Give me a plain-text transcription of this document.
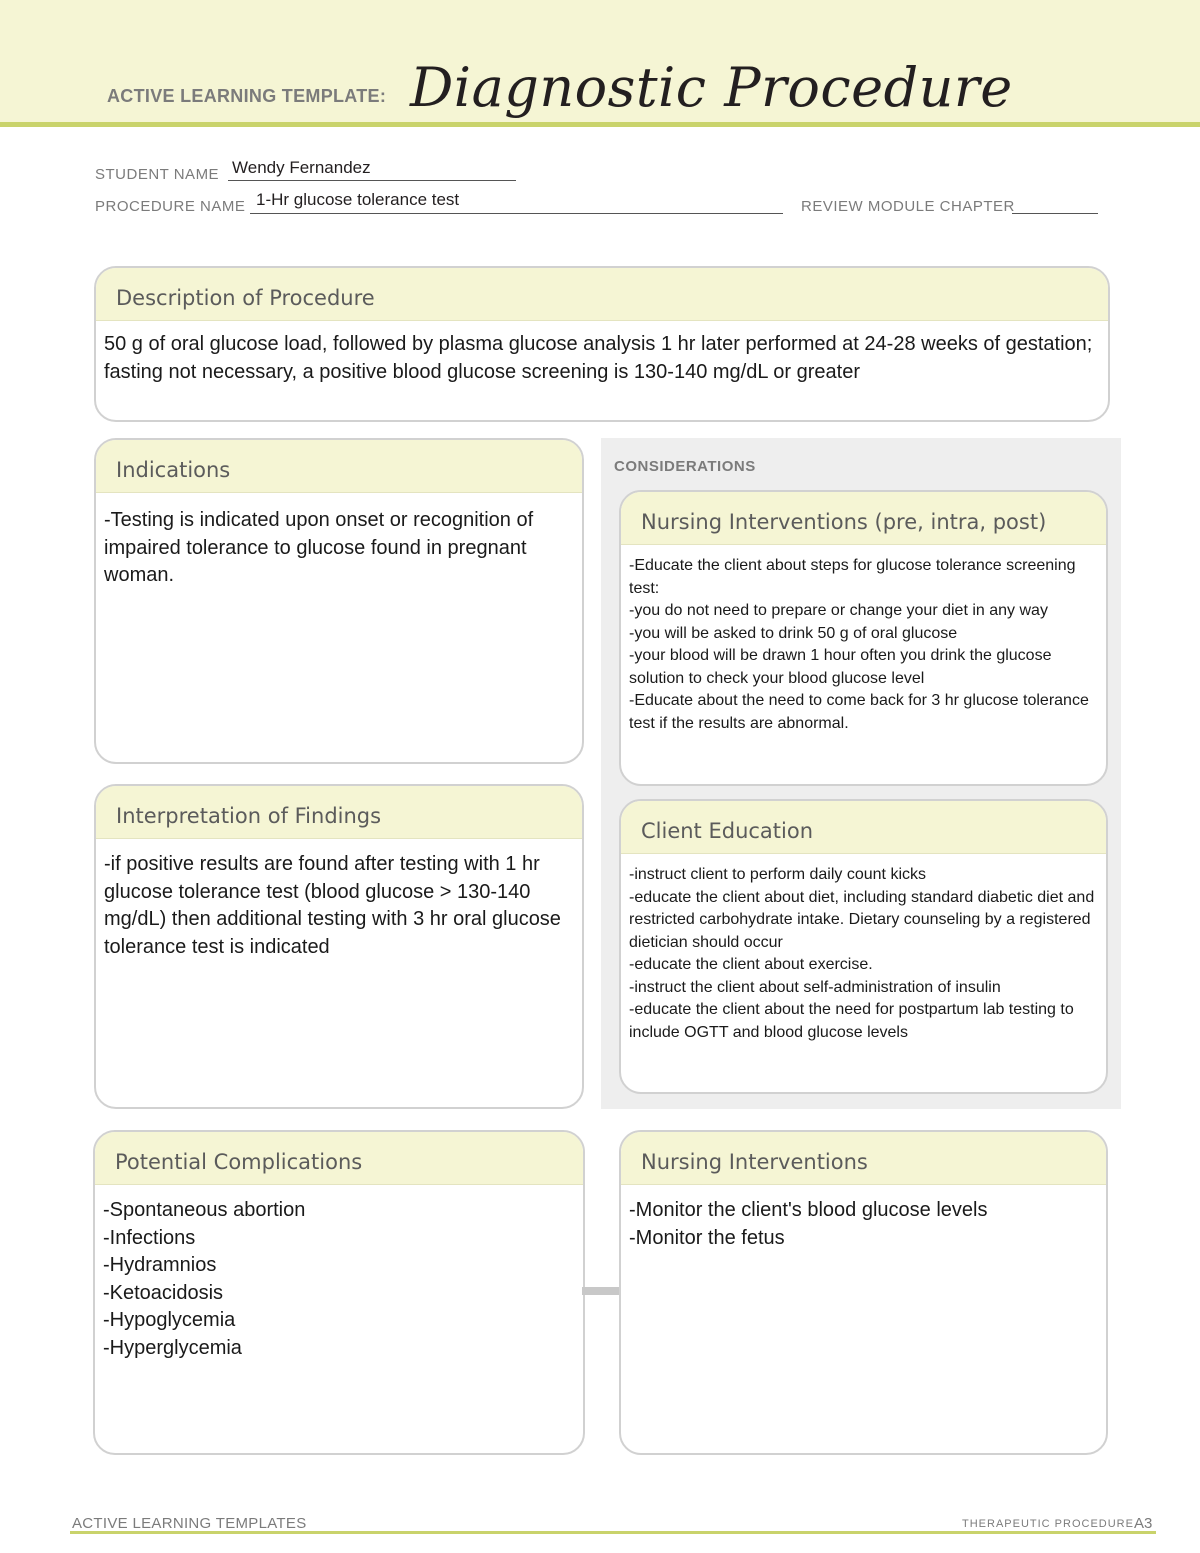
ACTIVE LEARNING TEMPLATE: Diagnostic Procedure
STUDENT NAME Wendy Fernandez
PROCEDURE NAME 1-Hr glucose tolerance test	REVIEW MODULE CHAPTER
Description of Procedure
50 g of oral glucose load, followed by plasma glucose analysis 1 hr later performed at 24-28 weeks of gestation; fasting not necessary, a positive blood glucose screening is 130-140 mg/dL or greater
Indications
-Testing is indicated upon onset or recognition of impaired tolerance to glucose found in pregnant woman.
CONSIDERATIONS
Nursing Interventions (pre, intra, post)
-Educate the client about steps for glucose tolerance screening test:
-you do not need to prepare or change your diet in any way
-you will be asked to drink 50 g of oral glucose
-your blood will be drawn 1 hour often you drink the glucose solution to check your blood glucose level
-Educate about the need to come back for 3 hr glucose tolerance test if the results are abnormal.
Interpretation of Findings
-if positive results are found after testing with 1 hr glucose tolerance test (blood glucose > 130-140 mg/dL) then additional testing with 3 hr oral glucose tolerance test is indicated
Client Education
-instruct client to perform daily count kicks
-educate the client about diet, including standard diabetic diet and restricted carbohydrate intake. Dietary counseling by a registered dietician should occur
-educate the client about exercise.
-instruct the client about self-administration of insulin
-educate the client about the need for postpartum lab testing to include OGTT and blood glucose levels
Potential Complications
-Spontaneous abortion
-Infections
-Hydramnios
-Ketoacidosis
-Hypoglycemia
-Hyperglycemia
Nursing Interventions
-Monitor the client's blood glucose levels
-Monitor the fetus
ACTIVE LEARNING TEMPLATES	THERAPEUTIC PROCEDURE A3
